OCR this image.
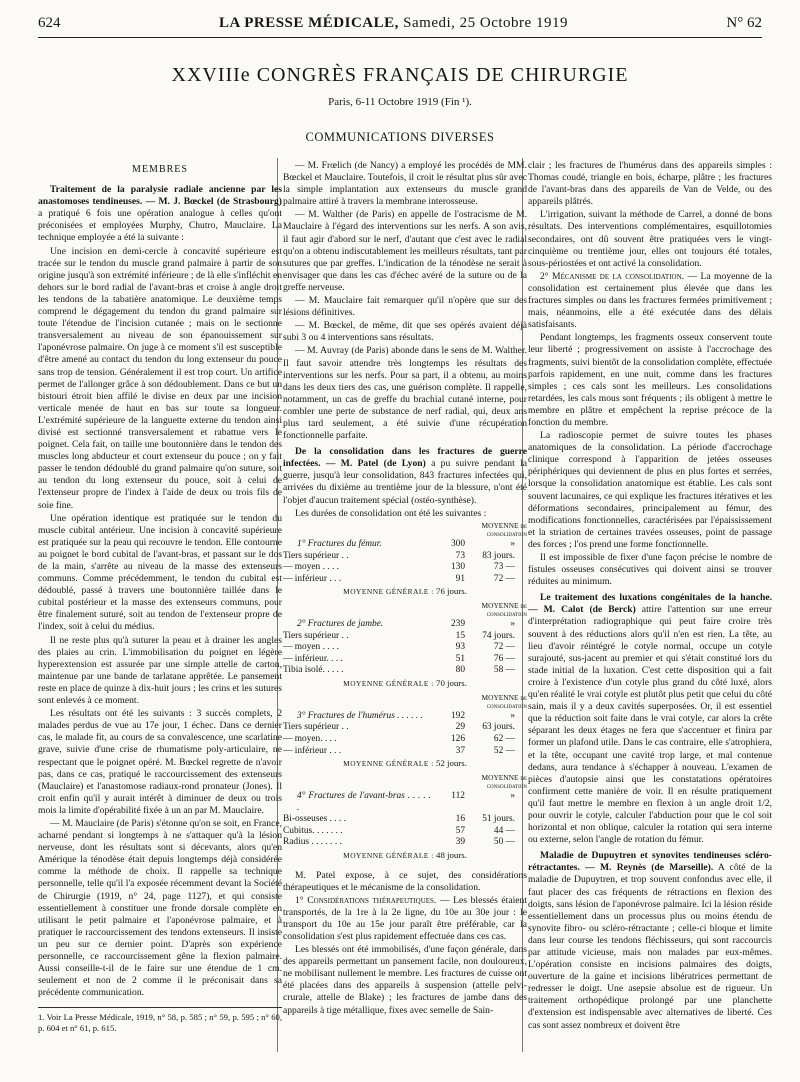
624	LA PRESSE MÉDICALE, Samedi, 25 Octobre 1919	N° 62
XXVIIIe CONGRÈS FRANÇAIS DE CHIRURGIE
Paris, 6-11 Octobre 1919 (Fin ¹).
COMMUNICATIONS DIVERSES
MEMBRES

Traitement de la paralysie radiale ancienne par les anastomoses tendineuses. — M. J. Bœckel (de Strasbourg) a pratiqué 6 fois une opération analogue à celles qu'ont préconisées et employées Murphy, Chutro, Mauclaire. La technique employée a été la suivante :

Une incision en demi-cercle à concavité supérieure est tracée sur le tendon du muscle grand palmaire à partir de son origine jusqu'à son extrémité inférieure ; de là elle s'infléchit en dehors sur le bord radial de l'avant-bras et croise à angle droit les tendons de la tabatière anatomique. Le deuxième temps comprend le dégagement du tendon du grand palmaire sur toute l'étendue de l'incision cutanée ; mais on le sectionne transversalement au niveau de son épanouissement sur l'aponévrose palmaire. On juge à ce moment s'il est susceptible d'être amené au contact du tendon du long extenseur du pouce sans trop de tension. Généralement il est trop court. Un artifice permet de l'allonger grâce à son dédoublement. Dans ce but un bistouri étroit bien affilé le divise en deux par une incision verticale menée de haut en bas sur toute sa longueur. L'extrémité supérieure de la languette externe du tendon ainsi divisé est sectionné transversalement et rabattue vers le poignet. Cela fait, on taille une boutonnière dans le tendon des muscles long abducteur et court extenseur du pouce ; on y fait passer le tendon dédoublé du grand palmaire qu'on suture, soit au tendon du long extenseur du pouce, soit à celui de l'extenseur propre de l'index à l'aide de deux ou trois fils de soie fine.

Une opération identique est pratiquée sur le tendon du muscle cubital antérieur. Une incision à concavité supérieure est pratiquée sur la peau qui recouvre le tendon. Elle contourne au poignet le bord cubital de l'avant-bras, et passant sur le dos de la main, s'arrête au niveau de la masse des extenseurs communs. Comme précédemment, le tendon du cubital est dédoublé, passé à travers une boutonnière taillée dans le cubital postérieur et la masse des extenseurs communs, pour être finalement suturé, soit au tendon de l'extenseur propre de l'index, soit à celui du médius.

Il ne reste plus qu'à suturer la peau et à drainer les angles des plaies au crin. L'immobilisation du poignet en légère hyperextension est assurée par une simple attelle de carton, maintenue par une bande de tarlatane apprêtée. Le pansement reste en place de quinze à dix-huit jours ; les crins et les sutures sont enlevés à ce moment.

Les résultats ont été les suivants : 3 succès complets, 2 malades perdus de vue au 17e jour, 1 échec. Dans ce dernier cas, le malade fit, au cours de sa convalescence, une scarlatine grave, suivie d'une crise de rhumatisme poly-articulaire, ne respectant que le poignet opéré. M. Bœckel regrette de n'avoir pas, dans ce cas, pratiqué le raccourcissement des extenseurs (Mauclaire) et l'anastomose radiaux-rond pronateur (Jones). Il croit enfin qu'il y aurait intérêt à diminuer de deux ou trois mois la limite d'opérabilité fixée à un an par M. Mauclaire.

— M. Mauclaire (de Paris) s'étonne qu'on se soit, en France, acharné pendant si longtemps à ne s'attaquer qu'à la lésion nerveuse, dont les résultats sont si décevants, alors qu'en Amérique la ténodèse était depuis longtemps déjà considérée comme la méthode de choix. Il rappelle sa technique personnelle, telle qu'il l'a exposée récemment devant la Société de Chirurgie (1919, n° 24, page 1127), et qui consiste essentiellement à constituer une fronde dorsale complète en utilisant le petit palmaire et l'aponévrose palmaire, et à pratiquer le raccourcissement des tendons extenseurs. Il insiste un peu sur ce dernier point. D'après son expérience personnelle, ce raccourcissement gêne la flexion palmaire. Aussi conseille-t-il de le faire sur une étendue de 1 cm. seulement et non de 2 comme il le préconisait dans sa précédente communication.

1. Voir La Presse Médicale, 1919, n° 58, p. 585 ; n° 59, p. 595 ; n° 60, p. 604 et n° 61, p. 615.

— M. Frœlich (de Nancy) a employé les procédés de MM. Bœckel et Mauclaire. Toutefois, il croit le résultat plus sûr avec la simple implantation aux extenseurs du muscle grand palmaire attiré à travers la membrane interosseuse.

— M. Walther (de Paris) en appelle de l'ostracisme de M. Mauclaire à l'égard des interventions sur les nerfs. A son avis, il faut agir d'abord sur le nerf, d'autant que c'est avec le radial qu'on a obtenu indiscutablement les meilleurs résultats, tant par sutures que par greffes. L'indication de la ténodèse ne serait à envisager que dans les cas d'échec avéré de la suture ou de la greffe nerveuse.

— M. Mauclaire fait remarquer qu'il n'opère que sur des lésions définitives.

— M. Bœckel, de même, dit que ses opérés avaient déjà subi 3 ou 4 interventions sans résultats.

— M. Auvray (de Paris) abonde dans le sens de M. Walther. Il faut savoir attendre très longtemps les résultats des interventions sur les nerfs. Pour sa part, il a obtenu, au moins dans les deux tiers des cas, une guérison complète. Il rappelle, notamment, un cas de greffe du brachial cutané interne, pour combler une perte de substance de nerf radial, qui, deux ans plus tard seulement, a été suivie d'une récupération fonctionnelle parfaite.

De la consolidation dans les fractures de guerre infectées. — M. Patel (de Lyon) a pu suivre pendant la guerre, jusqu'à leur consolidation, 843 fractures infectées qui, arrivées du dixième au trentième jour de la blessure, n'ont été l'objet d'aucun traitement spécial (ostéo-synthèse).

Les durées de consolidation ont été les suivantes :

		MOYENNE de consolidation
1° Fractures du fémur.	300	»
Tiers supérieur . .	73	83 jours.
— moyen . . . .	130	73 —
— inférieur . . .	91	72 —
MOYENNE GÉNÉRALE : 76 jours.		
		MOYENNE de consolidation
2° Fractures de jambe.	239	»
Tiers supérieur . .	15	74 jours.
— moyen . . . .	93	72 —
— inférieur. . . .	51	76 —
Tibia isolé. . . . .	80	58 —
MOYENNE GÉNÉRALE : 70 jours.		
		MOYENNE de consolidation
3° Fractures de l'humérus . . . . . .	192	»
Tiers supérieur . .	29	63 jours.
— moyen. . . .	126	62 —
— inférieur . . .	37	52 —
MOYENNE GÉNÉRALE : 52 jours.		
		MOYENNE de consolidation
4° Fractures de l'avant-bras . . . . . .	112	»
Bi-osseuses . . . .	16	51 jours.
Cubitus. . . . . . .	57	44 —
Radius . . . . . . .	39	50 —
MOYENNE GÉNÉRALE : 48 jours.		

M. Patel expose, à ce sujet, des considérations thérapeutiques et le mécanisme de la consolidation.

1° Considérations thérapeutiques. — Les blessés étaient transportés, de la 1re à la 2e ligne, du 10e au 30e jour : le transport du 10e au 15e jour paraît être préférable, car la consolidation s'est plus rapidement effectuée dans ces cas.

Les blessés ont été immobilisés, d'une façon générale, dans des appareils permettant un pansement facile, non douloureux, ne mobilisant nullement le membre. Les fractures de cuisse ont été placées dans des appareils à suspension (attelle pelvi-crurale, attelle de Blake) ; les fractures de jambe dans des appareils à tige métallique, fixes avec semelle de Sain-

clair ; les fractures de l'humérus dans des appareils simples : Thomas coudé, triangle en bois, écharpe, plâtre ; les fractures de l'avant-bras dans des appareils de Van de Velde, ou des appareils plâtrés.

L'irrigation, suivant la méthode de Carrel, a donné de bons résultats. Des interventions complémentaires, esquillotomies secondaires, ont dû souvent être pratiquées vers le vingt-cinquième ou trentième jour, elles ont toujours été totales, sous-périostées et ont activé la consolidation.

2° Mécanisme de la consolidation. — La moyenne de la consolidation est certainement plus élevée que dans les fractures simples ou dans les fractures fermées primitivement ; mais, néanmoins, elle a été exécutée dans des délais satisfaisants.

Pendant longtemps, les fragments osseux conservent toute leur liberté ; progressivement on assiste à l'accrochage des fragments, suivi bientôt de la consolidation complète, effectuée parfois rapidement, en une nuit, comme dans les fractures simples ; ces cals sont les meilleurs. Les consolidations retardées, les cals mous sont fréquents ; ils obligent à mettre le membre en plâtre et empêchent la reprise précoce de la fonction du membre.

La radioscopie permet de suivre toutes les phases anatomiques de la consolidation. La période d'accrochage clinique correspond à l'apparition de jetées osseuses périphériques qui deviennent de plus en plus fortes et serrées, lorsque la consolidation anatomique est établie. Les cals sont souvent lacunaires, ce qui explique les fractures itératives et les déformations secondaires, principalement au fémur, des modifications fonctionnelles, caractérisées par l'épaississement et la striation de certaines travées osseuses, point de passage des forces ; l'os prend une forme fonctionnelle.

Il est impossible de fixer d'une façon précise le nombre de fistules osseuses consécutives qui doivent ainsi se trouver réduites au minimum.

Le traitement des luxations congénitales de la hanche. — M. Calot (de Berck) attire l'attention sur une erreur d'interprétation radiographique qui peut faire croire très souvent à des réductions alors qu'il n'en est rien. La tête, au lieu d'avoir réintégré le cotyle normal, occupe un cotyle surajouté, sus-jacent au premier et qui s'était constitué lors du stade initial de la luxation. C'est cette disposition qui a fait croire à l'existence d'un cotyle plus grand du côté luxé, alors qu'en réalité le vrai cotyle est plutôt plus petit que celui du côté sain, mais il y a deux cavités superposées. Or, il est essentiel que la réduction soit faite dans le vrai cotyle, car alors la crête séparant les deux étages ne fera que s'accentuer et finira par former un plafond utile. Dans le cas contraire, elle s'atrophiera, et la tête, occupant une cavité trop large, et mal contenue dedans, aura tendance à s'échapper à nouveau. L'examen de pièces d'autopsie ainsi que les constatations opératoires confirment cette manière de voir. Il en résulte pratiquement qu'il faut mettre le membre en flexion à un angle droit 1/2, pour ouvrir le cotyle, calculer l'abduction pour que le col soit horizontal et non oblique, calculer la rotation qui sera interne ou externe, selon l'angle de rotation du fémur.

Maladie de Dupuytren et synovites tendineuses scléro-rétractantes. — M. Reynès (de Marseille). A côté de la maladie de Dupuytren, et trop souvent confondus avec elle, il faut placer des cas fréquents de rétractions en flexion des doigts, sans lésion de l'aponévrose palmaire. Ici la lésion réside essentiellement dans un processus plus ou moins étendu de synovite fibro- ou scléro-rétractante ; celle-ci bloque et limite dans leur course les tendons fléchisseurs, qui sont raccourcis par attitude vicieuse, mais non malades par eux-mêmes. L'opération consiste en incisions palmaires des doigts, ouverture de la gaine et incisions libératrices permettant de redresser le doigt. Une asepsie absolue est de rigueur. Un traitement orthopédique prolongé par une planchette d'extension est indispensable avec alternatives de liberté. Ces cas sont assez nombreux et doivent être
